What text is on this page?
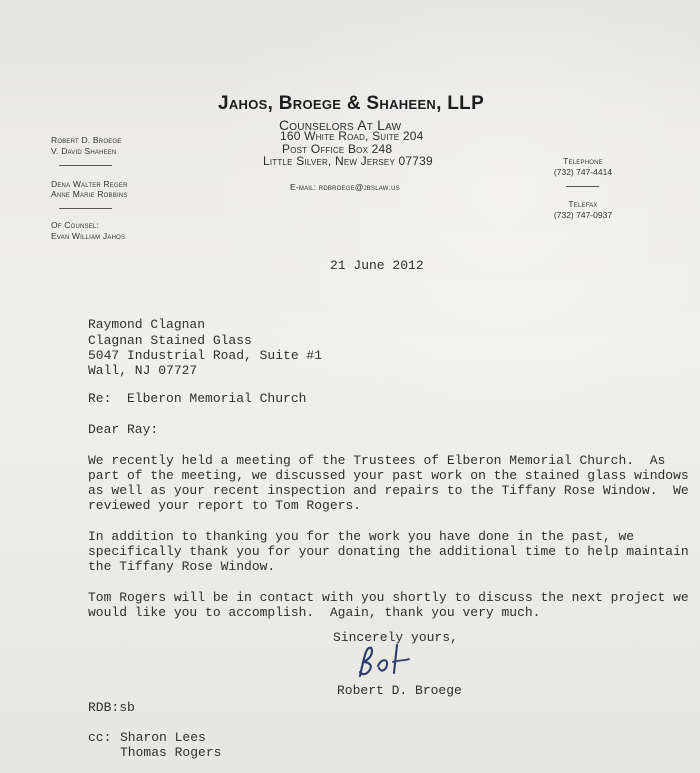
Jahos, Broege & Shaheen, LLP
Counselors At Law
160 White Road, Suite 204
Post Office Box 248
Little Silver, New Jersey 07739
E-mail: rdbroege@jbslaw.us
Robert D. Broege
V. David Shaheen
Dena Walter Reger
Anne Marie Robbins
Of Counsel:
Evan William Jahos
Telephone
(732) 747-4414
Telefax
(732) 747-0937
21 June 2012
Raymond Clagnan
Clagnan Stained Glass
5047 Industrial Road, Suite #1
Wall, NJ 07727
Re:  Elberon Memorial Church
Dear Ray:
We recently held a meeting of the Trustees of Elberon Memorial Church.  As
part of the meeting, we discussed your past work on the stained glass windows
as well as your recent inspection and repairs to the Tiffany Rose Window.  We
reviewed your report to Tom Rogers.
In addition to thanking you for the work you have done in the past, we
specifically thank you for your donating the additional time to help maintain
the Tiffany Rose Window.
Tom Rogers will be in contact with you shortly to discuss the next project we
would like you to accomplish.  Again, thank you very much.
Sincerely yours,
Robert D. Broege
RDB:sb
cc: Sharon Lees
Thomas Rogers
